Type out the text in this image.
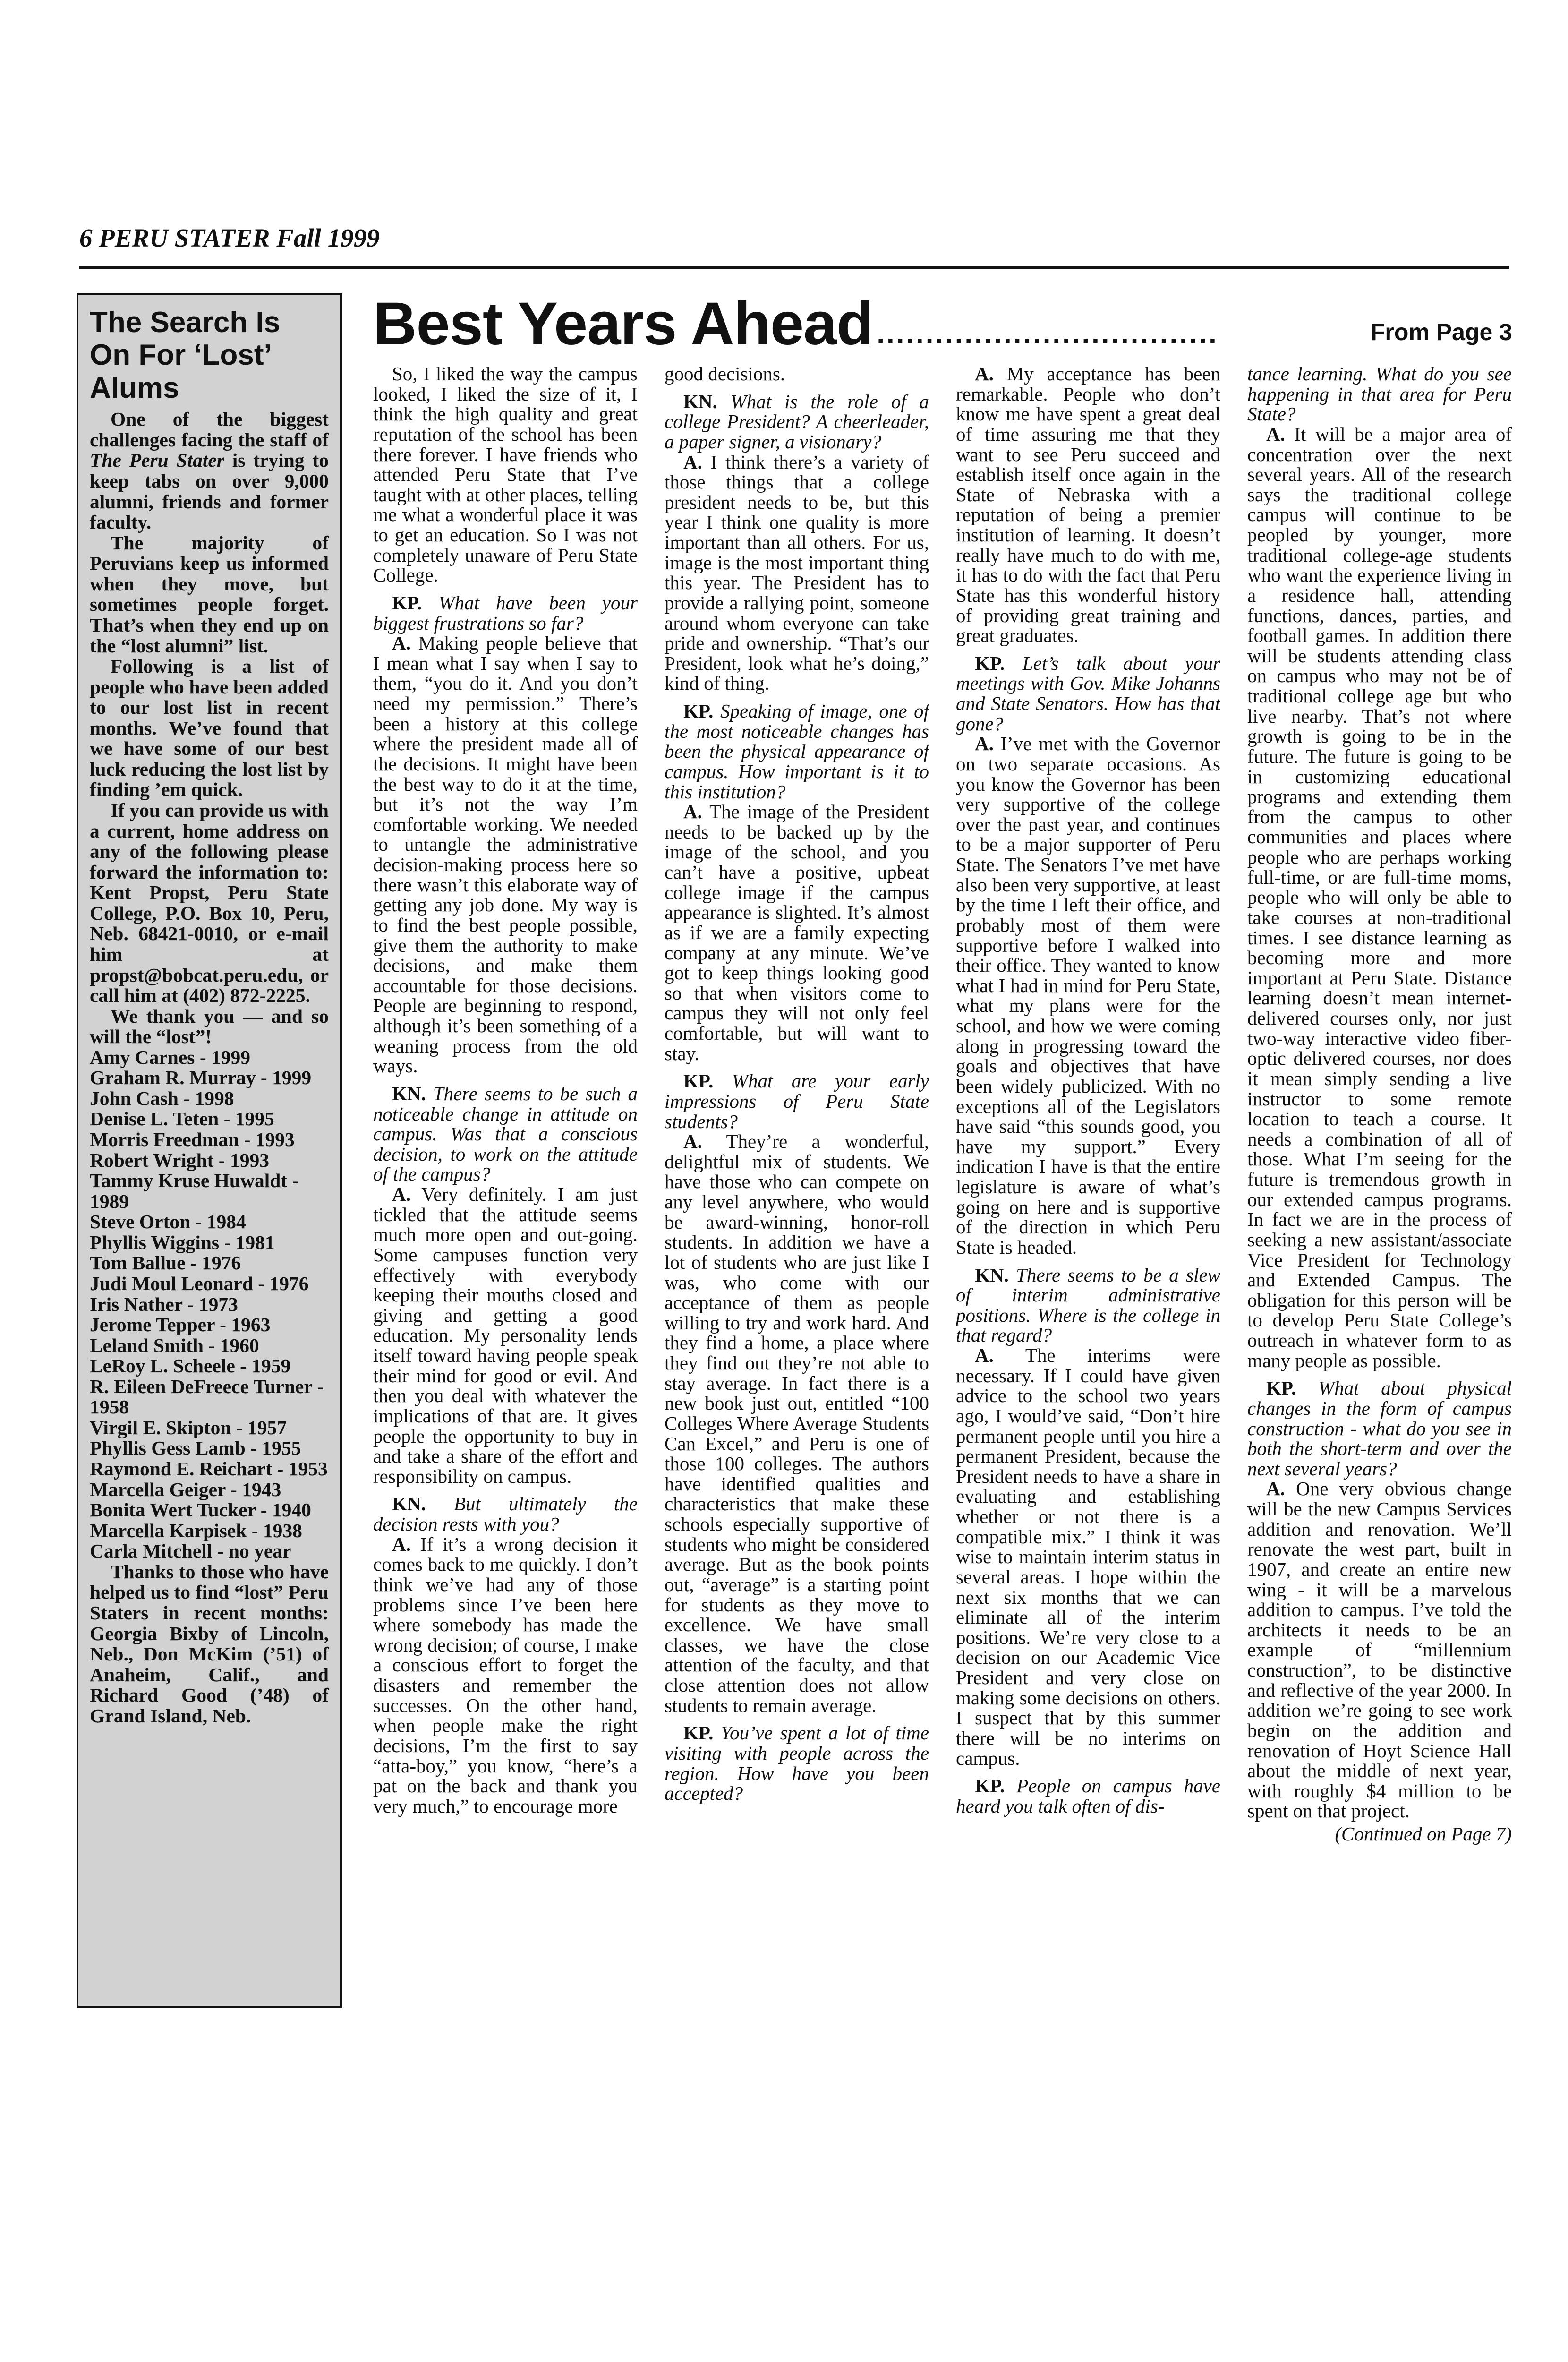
6 PERU STATER Fall 1999
The Search Is On For ‘Lost’ Alums

One of the biggest challenges facing the staff of The Peru Stater is trying to keep tabs on over 9,000 alumni, friends and former faculty.

The majority of Peruvians keep us informed when they move, but sometimes people forget. That’s when they end up on the “lost alumni” list.

Following is a list of people who have been added to our lost list in recent months. We’ve found that we have some of our best luck reducing the lost list by finding ’em quick.

If you can provide us with a current, home address on any of the following please forward the information to: Kent Propst, Peru State College, P.O. Box 10, Peru, Neb. 68421-0010, or e-mail him at propst@bobcat.peru.edu, or call him at (402) 872-2225.

We thank you — and so will the “lost”!

Amy Carnes - 1999
Graham R. Murray - 1999
John Cash - 1998
Denise L. Teten - 1995
Morris Freedman - 1993
Robert Wright - 1993
Tammy Kruse Huwaldt - 1989
Steve Orton - 1984
Phyllis Wiggins - 1981
Tom Ballue - 1976
Judi Moul Leonard - 1976
Iris Nather - 1973
Jerome Tepper - 1963
Leland Smith - 1960
LeRoy L. Scheele - 1959
R. Eileen DeFreece Turner - 1958
Virgil E. Skipton - 1957
Phyllis Gess Lamb - 1955
Raymond E. Reichart - 1953
Marcella Geiger - 1943
Bonita Wert Tucker - 1940
Marcella Karpisek - 1938
Carla Mitchell - no year

Thanks to those who have helped us to find “lost” Peru Staters in recent months: Georgia Bixby of Lincoln, Neb., Don McKim (’51) of Anaheim, Calif., and Richard Good (’48) of Grand Island, Neb.

Best Years Ahead ...................................	From Page 3

So, I liked the way the campus looked, I liked the size of it, I think the high quality and great reputation of the school has been there forever. I have friends who attended Peru State that I’ve taught with at other places, telling me what a wonderful place it was to get an education. So I was not completely unaware of Peru State College.

KP. What have been your biggest frustrations so far?

A. Making people believe that I mean what I say when I say to them, “you do it. And you don’t need my permission.” There’s been a history at this college where the president made all of the decisions. It might have been the best way to do it at the time, but it’s not the way I’m comfortable working. We needed to untangle the administrative decision-making process here so there wasn’t this elaborate way of getting any job done. My way is to find the best people possible, give them the authority to make decisions, and make them accountable for those decisions. People are beginning to respond, although it’s been something of a weaning process from the old ways.

KN. There seems to be such a noticeable change in attitude on campus. Was that a conscious decision, to work on the attitude of the campus?

A. Very definitely. I am just tickled that the attitude seems much more open and out-going. Some campuses function very effectively with everybody keeping their mouths closed and giving and getting a good education. My personality lends itself toward having people speak their mind for good or evil. And then you deal with whatever the implications of that are. It gives people the opportunity to buy in and take a share of the effort and responsibility on campus.

KN. But ultimately the decision rests with you?

A. If it’s a wrong decision it comes back to me quickly. I don’t think we’ve had any of those problems since I’ve been here where somebody has made the wrong decision; of course, I make a conscious effort to forget the disasters and remember the successes. On the other hand, when people make the right decisions, I’m the first to say “atta-boy,” you know, “here’s a pat on the back and thank you very much,” to encourage more

good decisions.

KN. What is the role of a college President? A cheerleader, a paper signer, a visionary?

A. I think there’s a variety of those things that a college president needs to be, but this year I think one quality is more important than all others. For us, image is the most important thing this year. The President has to provide a rallying point, someone around whom everyone can take pride and ownership. “That’s our President, look what he’s doing,” kind of thing.

KP. Speaking of image, one of the most noticeable changes has been the physical appearance of campus. How important is it to this institution?

A. The image of the President needs to be backed up by the image of the school, and you can’t have a positive, upbeat college image if the campus appearance is slighted. It’s almost as if we are a family expecting company at any minute. We’ve got to keep things looking good so that when visitors come to campus they will not only feel comfortable, but will want to stay.

KP. What are your early impressions of Peru State students?

A. They’re a wonderful, delightful mix of students. We have those who can compete on any level anywhere, who would be award-winning, honor-roll students. In addition we have a lot of students who are just like I was, who come with our acceptance of them as people willing to try and work hard. And they find a home, a place where they find out they’re not able to stay average. In fact there is a new book just out, entitled “100 Colleges Where Average Students Can Excel,” and Peru is one of those 100 colleges. The authors have identified qualities and characteristics that make these schools especially supportive of students who might be considered average. But as the book points out, “average” is a starting point for students as they move to excellence. We have small classes, we have the close attention of the faculty, and that close attention does not allow students to remain average.

KP. You’ve spent a lot of time visiting with people across the region. How have you been accepted?

A. My acceptance has been remarkable. People who don’t know me have spent a great deal of time assuring me that they want to see Peru succeed and establish itself once again in the State of Nebraska with a reputation of being a premier institution of learning. It doesn’t really have much to do with me, it has to do with the fact that Peru State has this wonderful history of providing great training and great graduates.

KP. Let’s talk about your meetings with Gov. Mike Johanns and State Senators. How has that gone?

A. I’ve met with the Governor on two separate occasions. As you know the Governor has been very supportive of the college over the past year, and continues to be a major supporter of Peru State. The Senators I’ve met have also been very supportive, at least by the time I left their office, and probably most of them were supportive before I walked into their office. They wanted to know what I had in mind for Peru State, what my plans were for the school, and how we were coming along in progressing toward the goals and objectives that have been widely publicized. With no exceptions all of the Legislators have said “this sounds good, you have my support.” Every indication I have is that the entire legislature is aware of what’s going on here and is supportive of the direction in which Peru State is headed.

KN. There seems to be a slew of interim administrative positions. Where is the college in that regard?

A. The interims were necessary. If I could have given advice to the school two years ago, I would’ve said, “Don’t hire permanent people until you hire a permanent President, because the President needs to have a share in evaluating and establishing whether or not there is a compatible mix.” I think it was wise to maintain interim status in several areas. I hope within the next six months that we can eliminate all of the interim positions. We’re very close to a decision on our Academic Vice President and very close on making some decisions on others. I suspect that by this summer there will be no interims on campus.

KP. People on campus have heard you talk often of dis-

tance learning. What do you see happening in that area for Peru State?

A. It will be a major area of concentration over the next several years. All of the research says the traditional college campus will continue to be peopled by younger, more traditional college-age students who want the experience living in a residence hall, attending functions, dances, parties, and football games. In addition there will be students attending class on campus who may not be of traditional college age but who live nearby. That’s not where growth is going to be in the future. The future is going to be in customizing educational programs and extending them from the campus to other communities and places where people who are perhaps working full-time, or are full-time moms, people who will only be able to take courses at non-traditional times. I see distance learning as becoming more and more important at Peru State. Distance learning doesn’t mean internet-delivered courses only, nor just two-way interactive video fiber-optic delivered courses, nor does it mean simply sending a live instructor to some remote location to teach a course. It needs a combination of all of those. What I’m seeing for the future is tremendous growth in our extended campus programs. In fact we are in the process of seeking a new assistant/associate Vice President for Technology and Extended Campus. The obligation for this person will be to develop Peru State College’s outreach in whatever form to as many people as possible.

KP. What about physical changes in the form of campus construction - what do you see in both the short-term and over the next several years?

A. One very obvious change will be the new Campus Services addition and renovation. We’ll renovate the west part, built in 1907, and create an entire new wing - it will be a marvelous addition to campus. I’ve told the architects it needs to be an example of “millennium construction”, to be distinctive and reflective of the year 2000. In addition we’re going to see work begin on the addition and renovation of Hoyt Science Hall about the middle of next year, with roughly $4 million to be spent on that project.

(Continued on Page 7)
